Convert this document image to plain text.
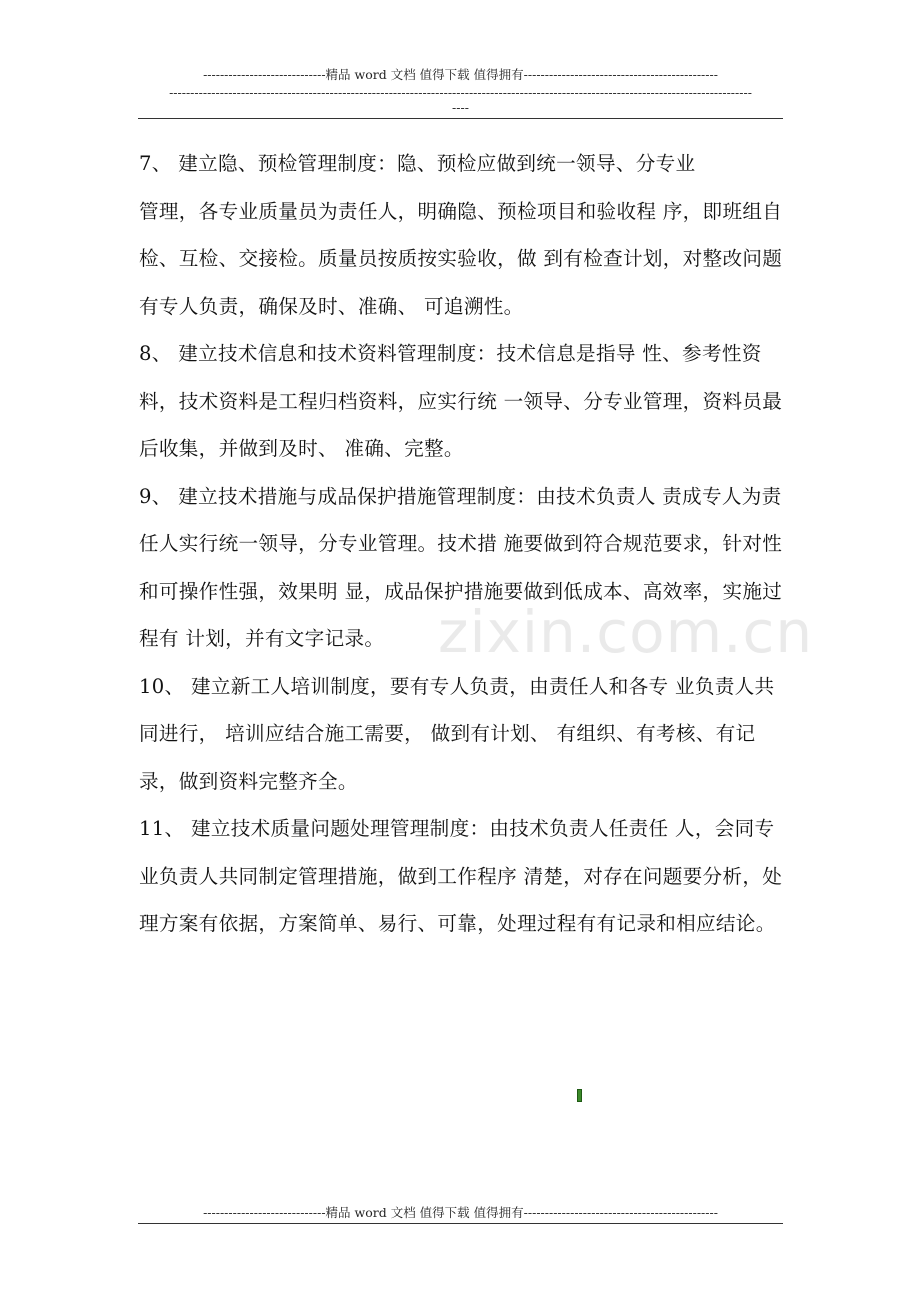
-----------------------------精品 word 文档 值得下载 值得拥有----------------------------------------------
------------------------------------------------------------------------------------------------------------------------------------------
----
zixin.com.cn

7、 建立隐、预检管理制度：隐、预检应做到统一领导、分专业
管理，各专业质量员为责任人，明确隐、预检项目和验收程 序，即班组自检、互检、交接检。质量员按质按实验收，做 到有检查计划，对整改问题有专人负责，确保及时、准确、 可追溯性。

8、 建立技术信息和技术资料管理制度：技术信息是指导 性、参考性资料，技术资料是工程归档资料，应实行统 一领导、分专业管理，资料员最后收集，并做到及时、 准确、完整。

9、 建立技术措施与成品保护措施管理制度：由技术负责人 责成专人为责任人实行统一领导，分专业管理。技术措 施要做到符合规范要求，针对性和可操作性强，效果明 显，成品保护措施要做到低成本、高效率，实施过程有 计划，并有文字记录。

10、 建立新工人培训制度，要有专人负责，由责任人和各专 业负责人共同进行， 培训应结合施工需要， 做到有计划、 有组织、有考核、有记录，做到资料完整齐全。

11、 建立技术质量问题处理管理制度：由技术负责人任责任 人，会同专业负责人共同制定管理措施，做到工作程序 清楚，对存在问题要分析，处理方案有依据，方案简单、易行、可靠，处理过程有有记录和相应结论。

-----------------------------精品 word 文档 值得下载 值得拥有----------------------------------------------
